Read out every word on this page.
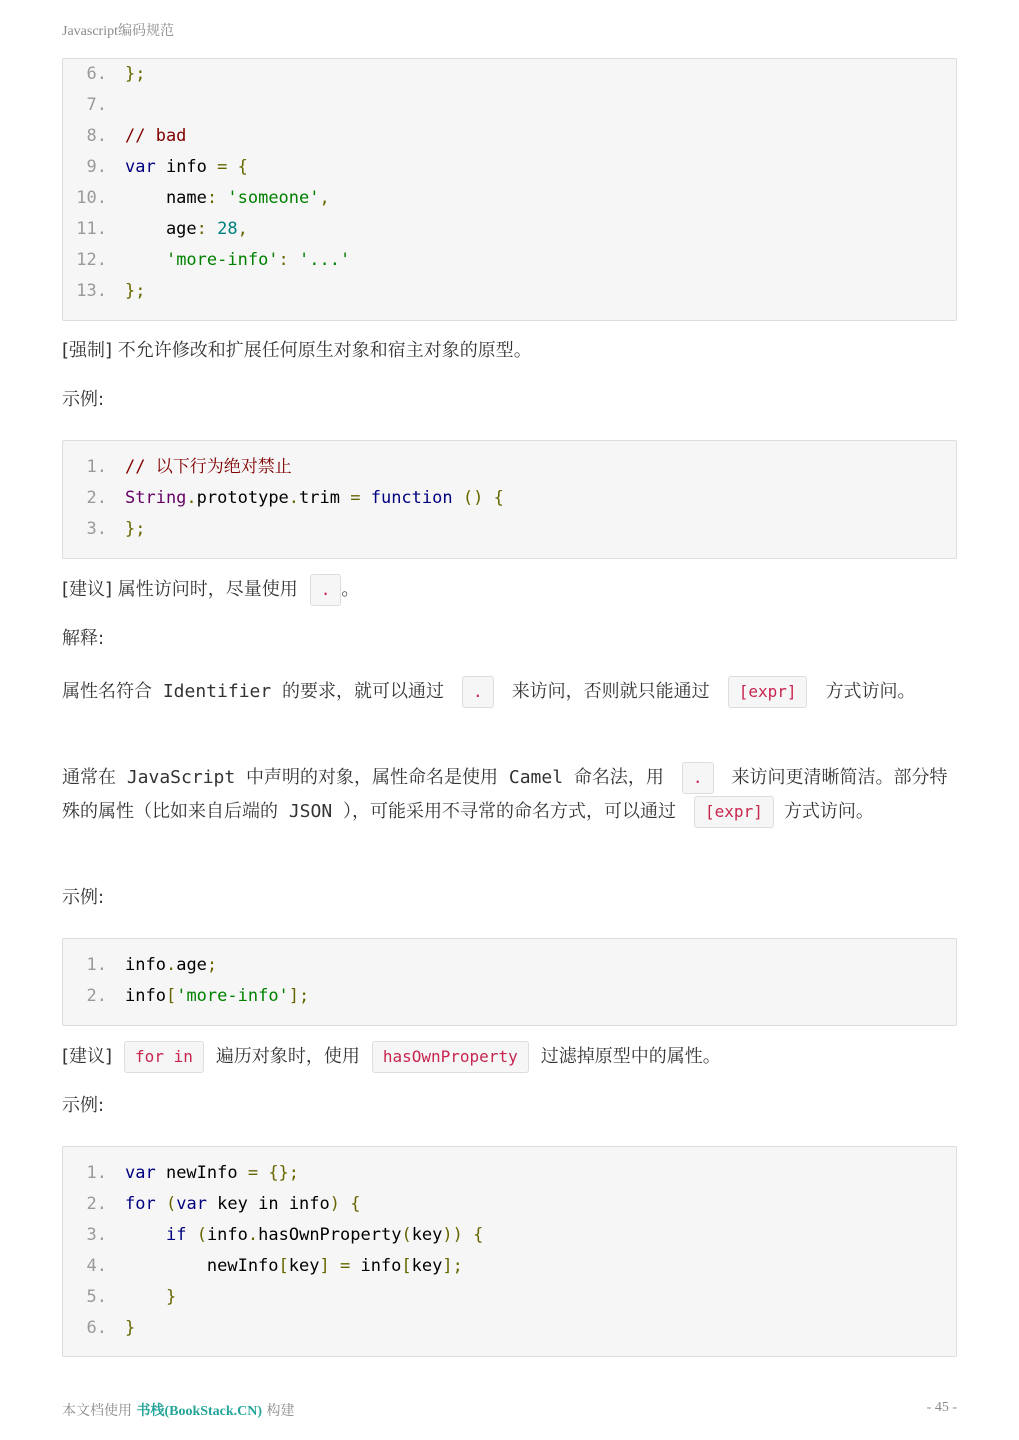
Javascript编码规范
6. };
7.
8. // bad
9. var info = {
10. name: 'someone',
11. age: 28,
12.	'more-info': '...'
13. };
[强制] 不允许修改和扩展任何原生对象和宿主对象的原型。
示例:
1. // 以下行为绝对禁止
2. String.prototype.trim = function () {
3. };
[建议] 属性访问时，尽量使用 . 。
解释:
属性名符合 Identifier 的要求，就可以通过 . 来访问，否则就只能通过 [expr] 方式访问。
通常在 JavaScript 中声明的对象，属性命名是使用 Camel 命名法，用 . 来访问更清晰简洁。部分特殊的属性（比如来自后端的 JSON ），可能采用不寻常的命名方式，可以通过 [expr] 方式访问。
示例:
1. info.age;
2. info['more-info'];
[建议] for in 遍历对象时，使用 hasOwnProperty 过滤掉原型中的属性。
示例:
1. var newInfo = {};
2. for (var key in info) {
3.	if (info.hasOwnProperty(key)) {
4. newInfo[key] = info[key];
5.	}
6. }
本文档使用 书栈(BookStack.CN) 构建	- 45 -
